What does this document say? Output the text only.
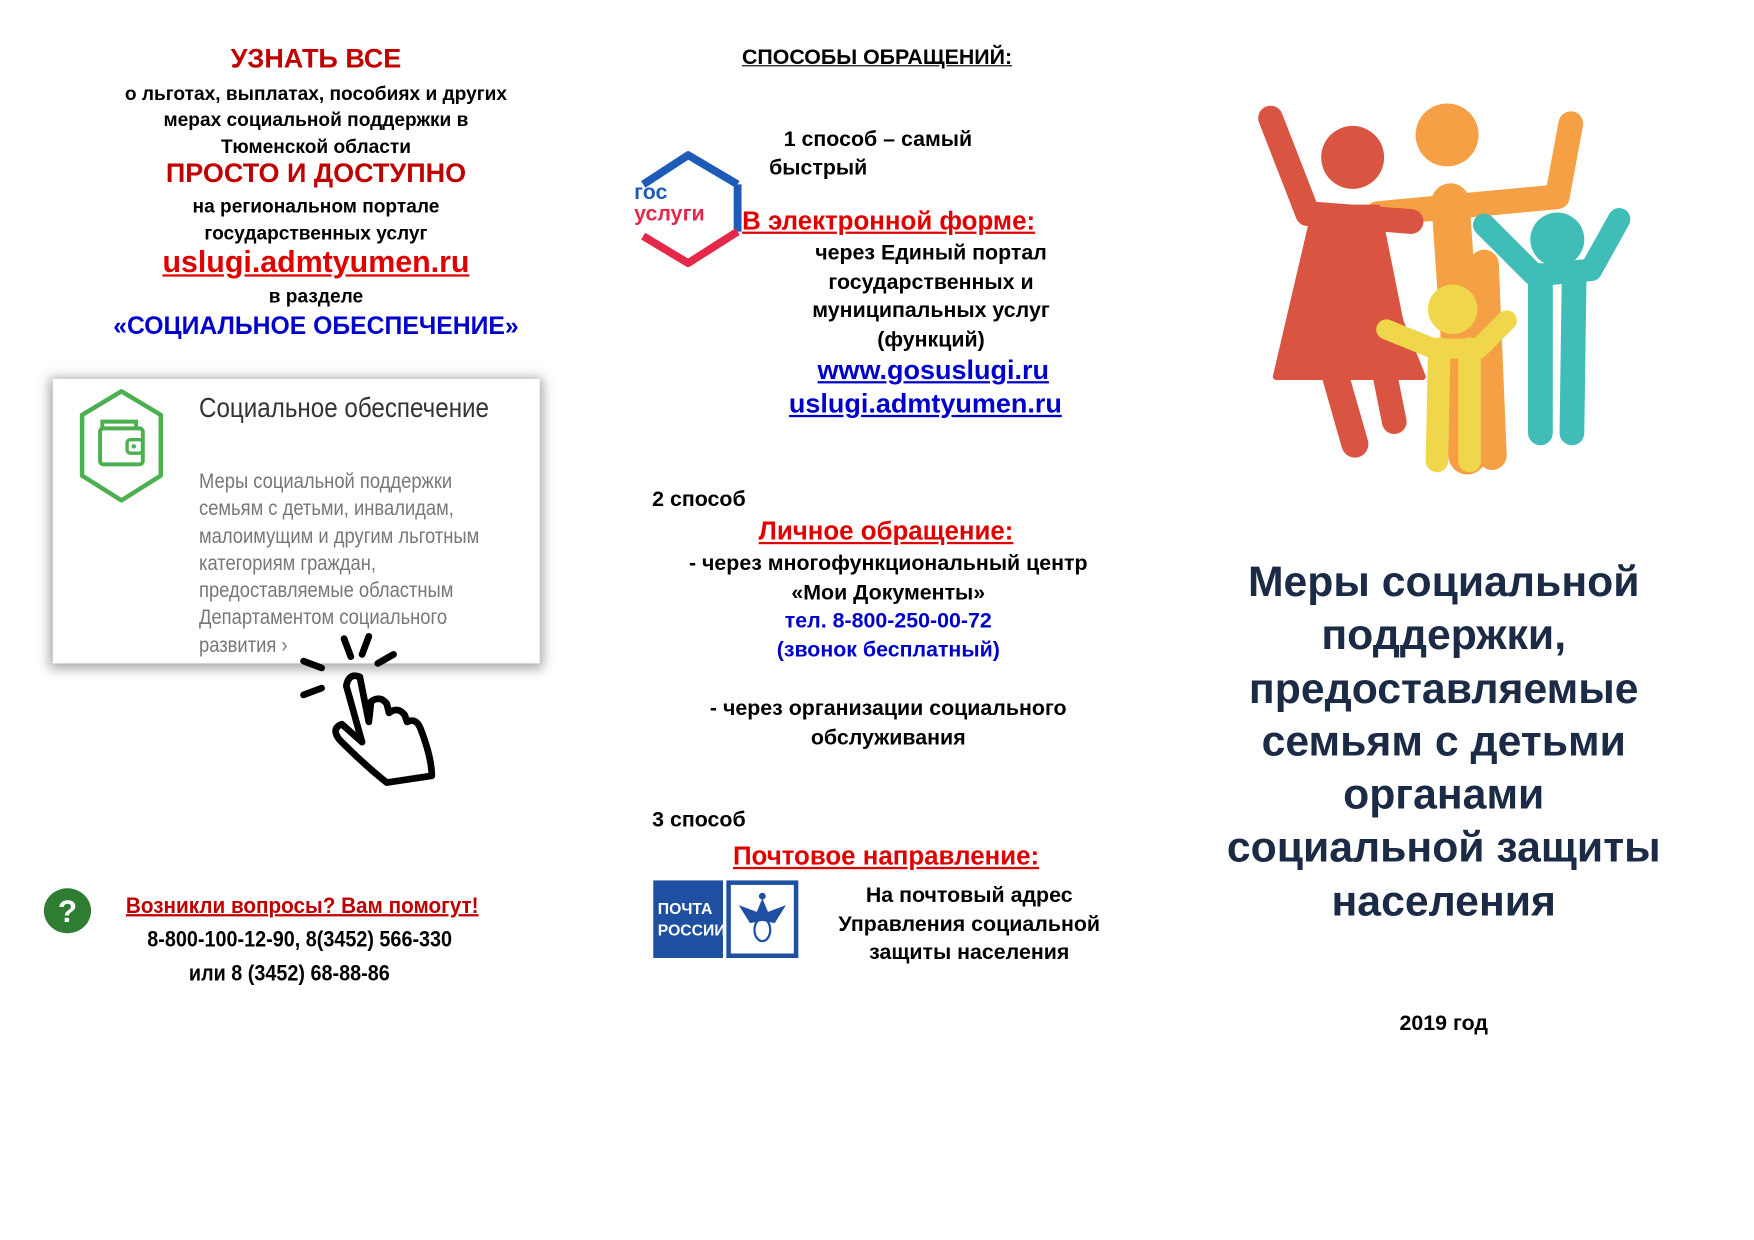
УЗНАТЬ ВСЕ
о льготах, выплатах, пособиях и других
мерах социальной поддержки в
Тюменской области
ПРОСТО И ДОСТУПНО
на региональном портале
государственных услуг
uslugi.admtyumen.ru
в разделе
«СОЦИАЛЬНОЕ ОБЕСПЕЧЕНИЕ»
Социальное обеспечение
Меры социальной поддержки
семьям с детьми, инвалидам,
малоимущим и другим льготным
категориям граждан,
предоставляемые областным
Департаментом социального
развития ›
? Возникли вопросы? Вам помогут!
8-800-100-12-90, 8(3452) 566-330
или 8 (3452) 68-88-86
СПОСОБЫ ОБРАЩЕНИЙ:
1 способ – самый
быстрый
гос
услуги В электронной форме:
через Единый портал
государственных и
муниципальных услуг
(функций)
www.gosuslugi.ru
uslugi.admtyumen.ru
2 способ
Личное обращение:
- через многофункциональный центр
«Мои Документы»
тел. 8-800-250-00-72
(звонок бесплатный)
- через организации социального
обслуживания
3 способ
Почтовое направление:
ПОЧТА
РОССИИ
На почтовый адрес
Управления социальной
защиты населения
Меры социальной
поддержки,
предоставляемые
семьям с детьми
органами
социальной защиты
населения
2019 год
